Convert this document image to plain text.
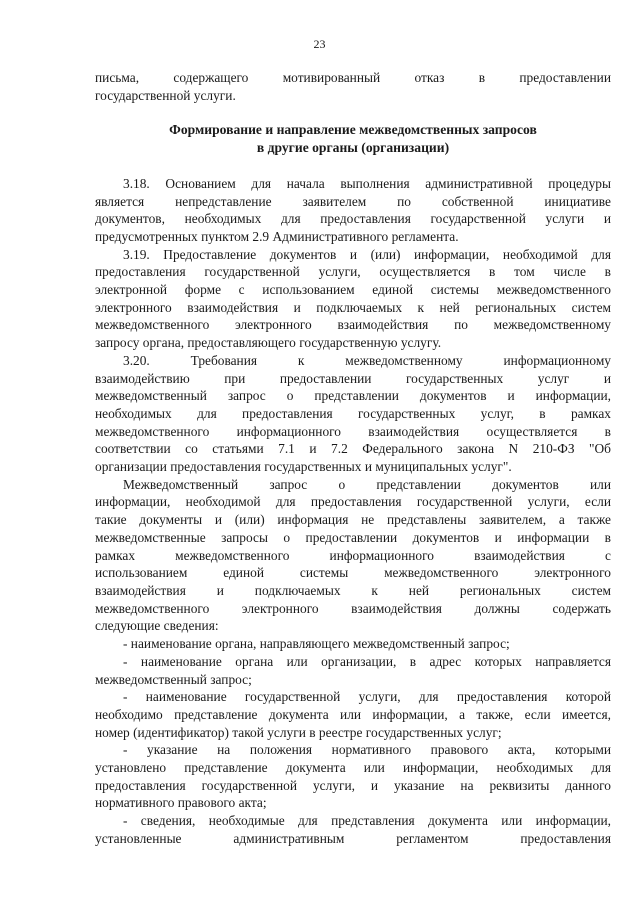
23

письма, содержащего мотивированный отказ в предоставлении

государственной услуги.

Формирование и направление межведомственных запросов
в другие органы (организации)

3.18. Основанием для начала выполнения административной процедуры

является непредставление заявителем по собственной инициативе

документов, необходимых для предоставления государственной услуги и

предусмотренных пунктом 2.9 Административного регламента.

3.19. Предоставление документов и (или) информации, необходимой для

предоставления государственной услуги, осуществляется в том числе в

электронной форме с использованием единой системы межведомственного

электронного взаимодействия и подключаемых к ней региональных систем

межведомственного электронного взаимодействия по межведомственному

запросу органа, предоставляющего государственную услугу.

3.20. Требования к межведомственному информационному

взаимодействию при предоставлении государственных услуг и

межведомственный запрос о представлении документов и информации,

необходимых для предоставления государственных услуг, в рамках

межведомственного информационного взаимодействия осуществляется в

соответствии со статьями 7.1 и 7.2 Федерального закона N 210-ФЗ "Об

организации предоставления государственных и муниципальных услуг".

Межведомственный запрос о представлении документов или

информации, необходимой для предоставления государственной услуги, если

такие документы и (или) информация не представлены заявителем, а также

межведомственные запросы о предоставлении документов и информации в

рамках межведомственного информационного взаимодействия с

использованием единой системы межведомственного электронного

взаимодействия и подключаемых к ней региональных систем

межведомственного электронного взаимодействия должны содержать

следующие сведения:

- наименование органа, направляющего межведомственный запрос;

- наименование органа или организации, в адрес которых направляется

межведомственный запрос;

- наименование государственной услуги, для предоставления которой

необходимо представление документа или информации, а также, если имеется,

номер (идентификатор) такой услуги в реестре государственных услуг;

- указание на положения нормативного правового акта, которыми

установлено представление документа или информации, необходимых для

предоставления государственной услуги, и указание на реквизиты данного

нормативного правового акта;

- сведения, необходимые для представления документа или информации,

установленные административным регламентом предоставления
